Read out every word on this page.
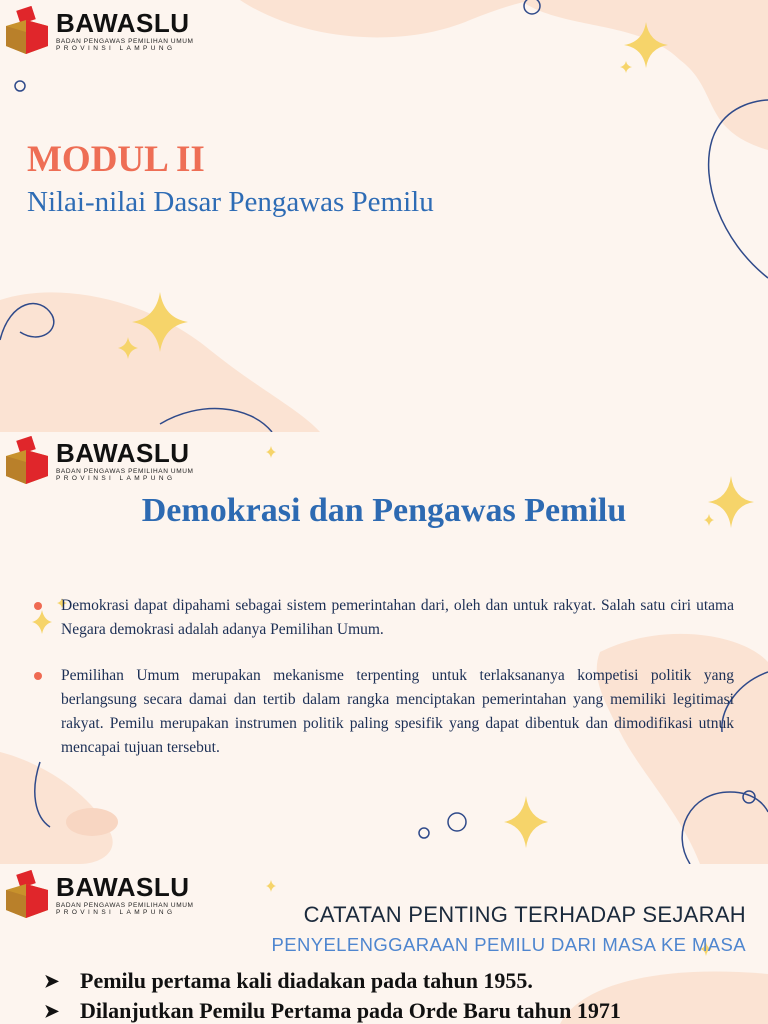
BAWASLU
BADAN PENGAWAS PEMILIHAN UMUM
PROVINSI LAMPUNG
MODUL II
Nilai-nilai Dasar Pengawas Pemilu
BAWASLU
BADAN PENGAWAS PEMILIHAN UMUM
PROVINSI LAMPUNG
Demokrasi dan Pengawas Pemilu
Demokrasi dapat dipahami sebagai sistem pemerintahan dari, oleh dan untuk rakyat. Salah satu ciri utama Negara demokrasi adalah adanya Pemilihan Umum.
Pemilihan Umum merupakan mekanisme terpenting untuk terlaksananya kompetisi politik yang berlangsung secara damai dan tertib dalam rangka menciptakan pemerintahan yang memiliki legitimasi rakyat. Pemilu merupakan instrumen politik paling spesifik yang dapat dibentuk dan dimodifikasi utnuk mencapai tujuan tersebut.
BAWASLU
BADAN PENGAWAS PEMILIHAN UMUM
PROVINSI LAMPUNG	CATATAN PENTING TERHADAP SEJARAH
PENYELENGGARAAN PEMILU DARI MASA KE MASA
➤ Pemilu pertama kali diadakan pada tahun 1955.
➤ Dilanjutkan Pemilu Pertama pada Orde Baru tahun 1971
